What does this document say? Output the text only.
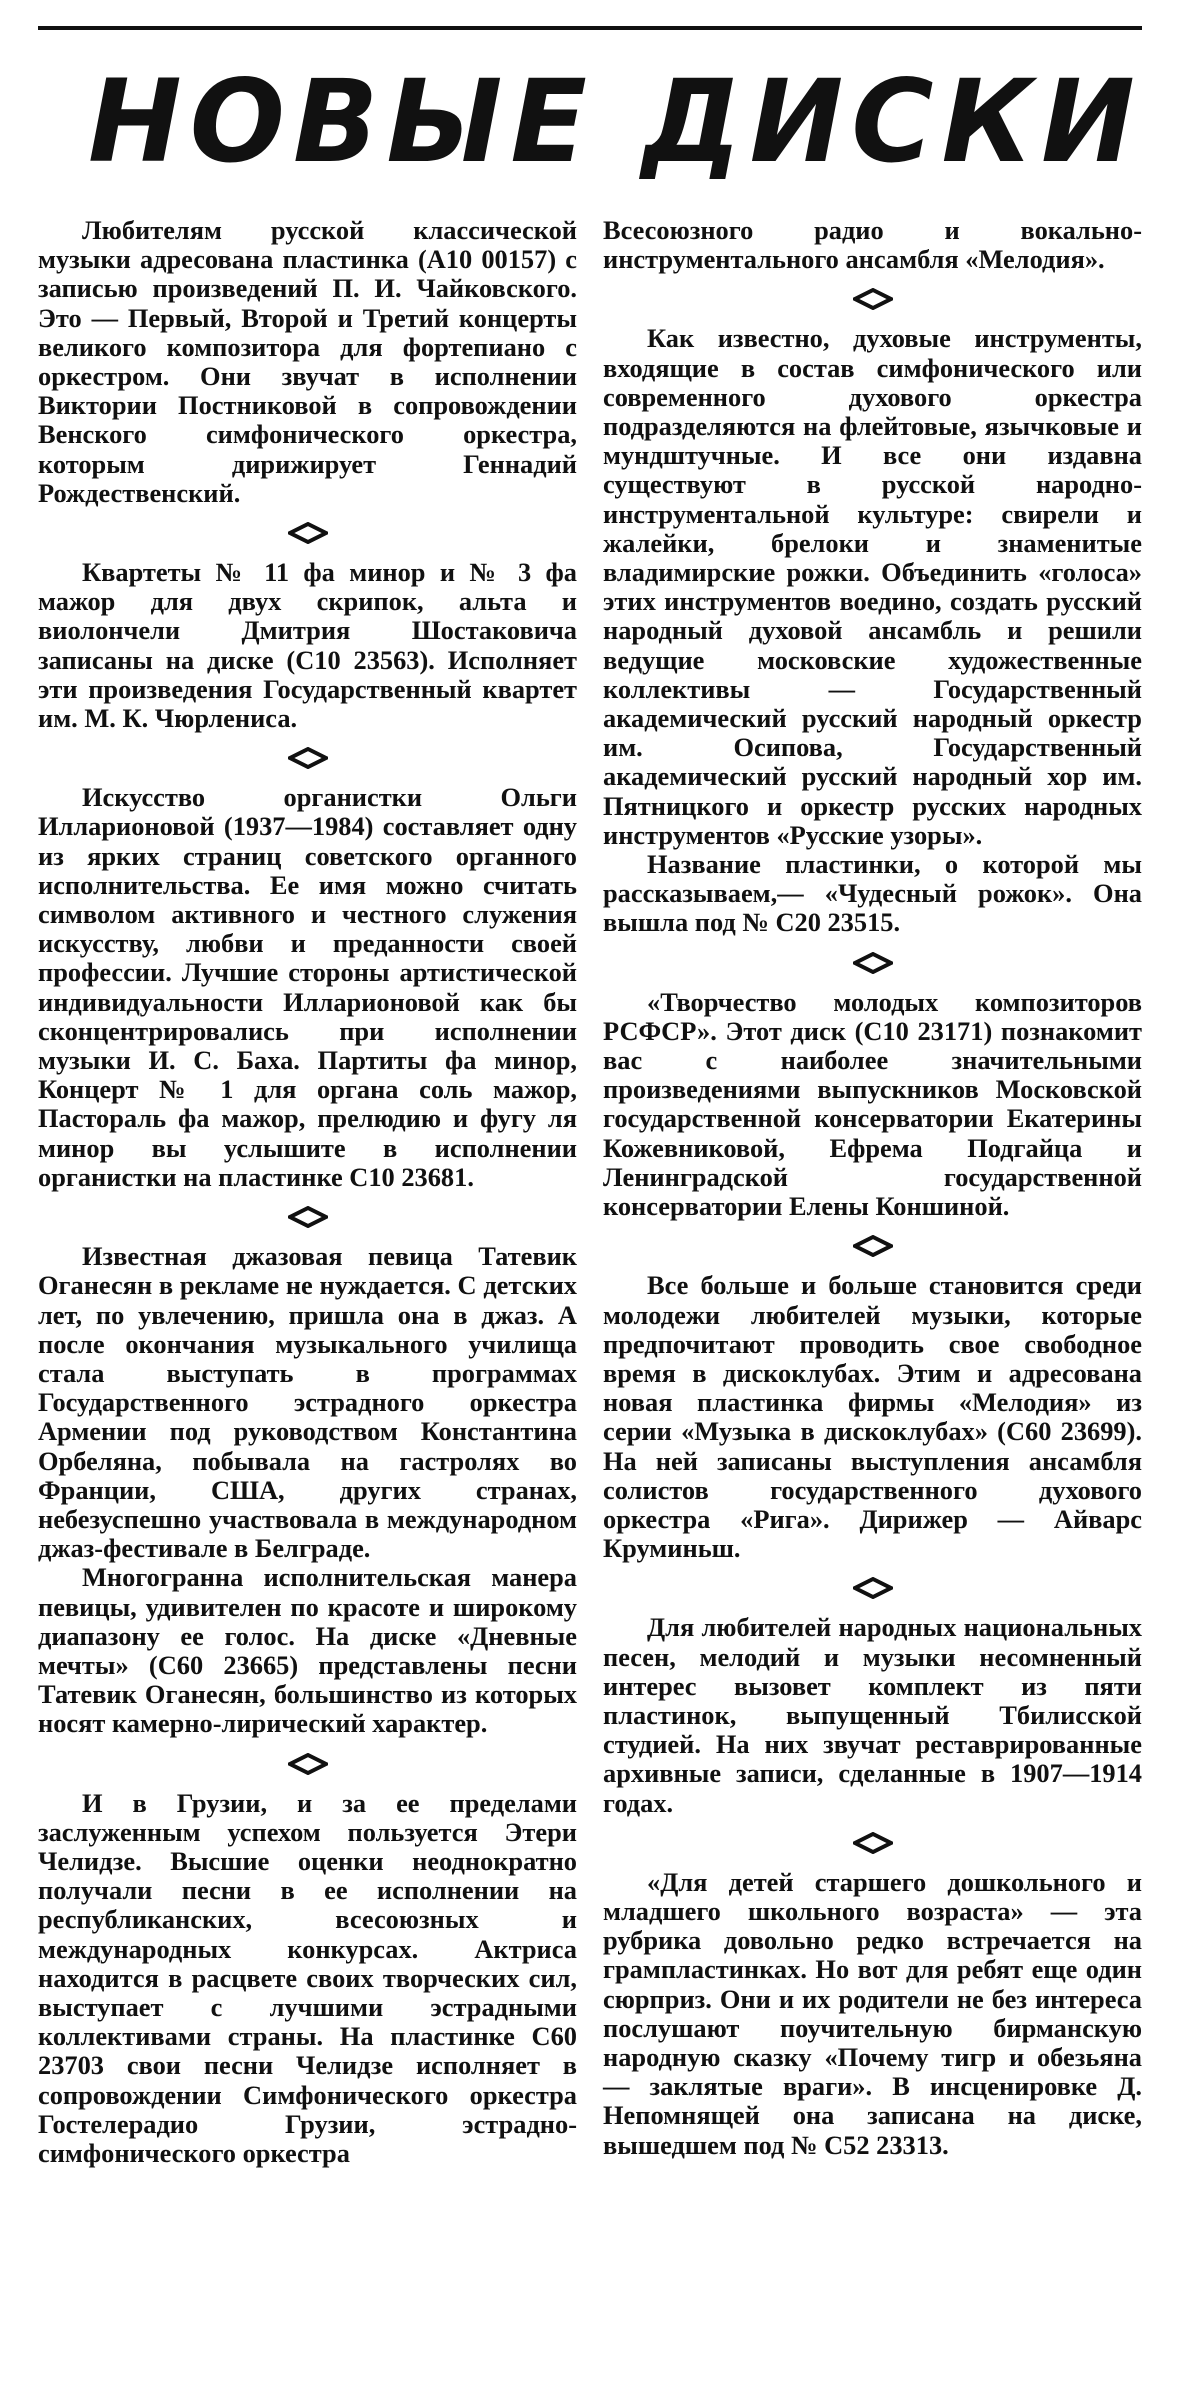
НОВЫЕ ДИСКИ

Любителям русской классической музыки адресована пластинка (А10 00157) с записью произведений П. И. Чайковского. Это — Первый, Второй и Третий концерты великого композитора для фортепиано с оркестром. Они звучат в исполнении Виктории Постниковой в сопровождении Венского симфонического оркестра, которым дирижирует Геннадий Рождественский.

Квартеты № 11 фа минор и № 3 фа мажор для двух скрипок, альта и виолончели Дмитрия Шостаковича записаны на диске (С10 23563). Исполняет эти произведения Государственный квартет им. М. К. Чюрлениса.

Искусство органистки Ольги Илларионовой (1937—1984) составляет одну из ярких страниц советского органного исполнительства. Ее имя можно считать символом активного и честного служения искусству, любви и преданности своей профессии. Лучшие стороны артистической индивидуальности Илларионовой как бы сконцентрировались при исполнении музыки И. С. Баха. Партиты фа минор, Концерт № 1 для органа соль мажор, Пастораль фа мажор, прелюдию и фугу ля минор вы услышите в исполнении органистки на пластинке С10 23681.

Известная джазовая певица Татевик Оганесян в рекламе не нуждается. С детских лет, по увлечению, пришла она в джаз. А после окончания музыкального училища стала выступать в программах Государственного эстрадного оркестра Армении под руководством Константина Орбеляна, побывала на гастролях во Франции, США, других странах, небезуспешно участвовала в международном джаз-фестивале в Белграде.

Многогранна исполнительская манера певицы, удивителен по красоте и широкому диапазону ее голос. На диске «Дневные мечты» (С60 23665) представлены песни Татевик Оганесян, большинство из которых носят камерно-лирический характер.

И в Грузии, и за ее пределами заслуженным успехом пользуется Этери Челидзе. Высшие оценки неоднократно получали песни в ее исполнении на республиканских, всесоюзных и международных конкурсах. Актриса находится в расцвете своих творческих сил, выступает с лучшими эстрадными коллективами страны. На пластинке С60 23703 свои песни Челидзе исполняет в сопровождении Симфонического оркестра Гостелерадио Грузии, эстрадно-симфонического оркестра

Всесоюзного радио и вокально-инструментального ансамбля «Мелодия».

Как известно, духовые инструменты, входящие в состав симфонического или современного духового оркестра подразделяются на флейтовые, язычковые и мундштучные. И все они издавна существуют в русской народно-инструментальной культуре: свирели и жалейки, брелоки и знаменитые владимирские рожки. Объединить «голоса» этих инструментов воедино, создать русский народный духовой ансамбль и решили ведущие московские художественные коллективы — Государственный академический русский народный оркестр им. Осипова, Государственный академический русский народный хор им. Пятницкого и оркестр русских народных инструментов «Русские узоры».

Название пластинки, о которой мы рассказываем,— «Чудесный рожок». Она вышла под № С20 23515.

«Творчество молодых композиторов РСФСР». Этот диск (С10 23171) познакомит вас с наиболее значительными произведениями выпускников Московской государственной консерватории Екатерины Кожевниковой, Ефрема Подгайца и Ленинградской государственной консерватории Елены Коншиной.

Все больше и больше становится среди молодежи любителей музыки, которые предпочитают проводить свое свободное время в дискоклубах. Этим и адресована новая пластинка фирмы «Мелодия» из серии «Музыка в дискоклубах» (С60 23699). На ней записаны выступления ансамбля солистов государственного духового оркестра «Рига». Дирижер — Айварс Круминьш.

Для любителей народных национальных песен, мелодий и музыки несомненный интерес вызовет комплект из пяти пластинок, выпущенный Тбилисской студией. На них звучат реставрированные архивные записи, сделанные в 1907—1914 годах.

«Для детей старшего дошкольного и младшего школьного возраста» — эта рубрика довольно редко встречается на грампластинках. Но вот для ребят еще один сюрприз. Они и их родители не без интереса послушают поучительную бирманскую народную сказку «Почему тигр и обезьяна — заклятые враги». В инсценировке Д. Непомнящей она записана на диске, вышедшем под № С52 23313.
